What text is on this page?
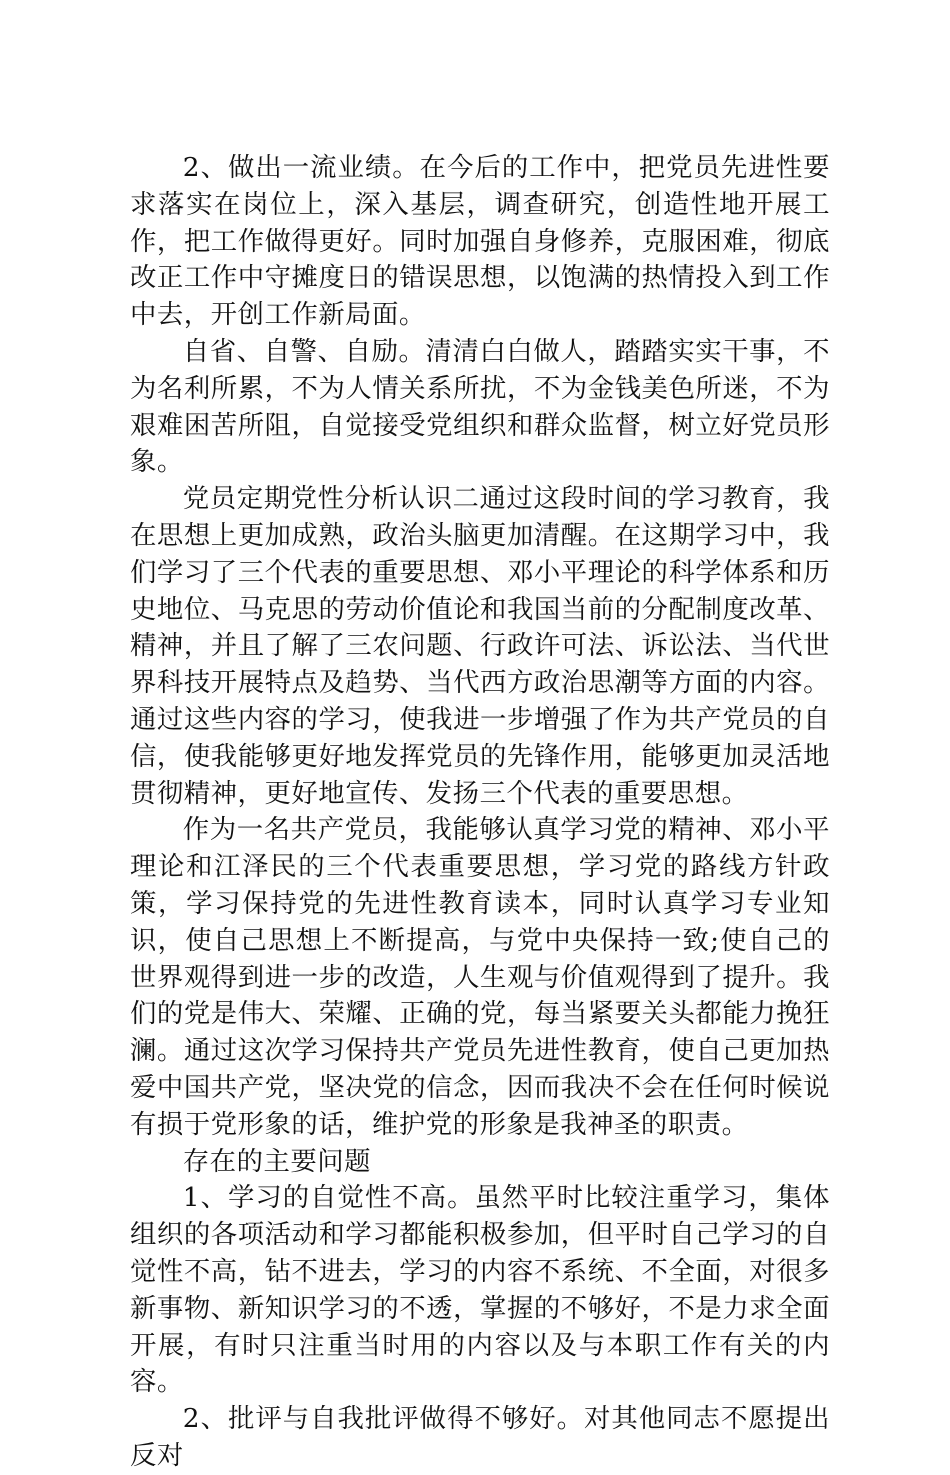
2、做出一流业绩。在今后的工作中，把党员先进性要求落实在岗位上，深入基层，调查研究，创造性地开展工作，把工作做得更好。同时加强自身修养，克服困难，彻底改正工作中守摊度日的错误思想，以饱满的热情投入到工作中去，开创工作新局面。

自省、自警、自励。清清白白做人，踏踏实实干事，不为名利所累，不为人情关系所扰，不为金钱美色所迷，不为艰难困苦所阻，自觉接受党组织和群众监督，树立好党员形象。

党员定期党性分析认识二通过这段时间的学习教育，我在思想上更加成熟，政治头脑更加清醒。在这期学习中，我们学习了三个代表的重要思想、邓小平理论的科学体系和历史地位、马克思的劳动价值论和我国当前的分配制度改革、精神，并且了解了三农问题、行政许可法、诉讼法、当代世界科技开展特点及趋势、当代西方政治思潮等方面的内容。通过这些内容的学习，使我进一步增强了作为共产党员的自信，使我能够更好地发挥党员的先锋作用，能够更加灵活地贯彻精神，更好地宣传、发扬三个代表的重要思想。

作为一名共产党员，我能够认真学习党的精神、邓小平理论和江泽民的三个代表重要思想，学习党的路线方针政策，学习保持党的先进性教育读本，同时认真学习专业知识，使自己思想上不断提高，与党中央保持一致;使自己的世界观得到进一步的改造，人生观与价值观得到了提升。我们的党是伟大、荣耀、正确的党，每当紧要关头都能力挽狂澜。通过这次学习保持共产党员先进性教育，使自己更加热爱中国共产党，坚决党的信念，因而我决不会在任何时候说有损于党形象的话，维护党的形象是我神圣的职责。

存在的主要问题

1、学习的自觉性不高。虽然平时比较注重学习，集体组织的各项活动和学习都能积极参加，但平时自己学习的自觉性不高，钻不进去，学习的内容不系统、不全面，对很多新事物、新知识学习的不透，掌握的不够好，不是力求全面开展，有时只注重当时用的内容以及与本职工作有关的内容。

2、批评与自我批评做得不够好。对其他同志不愿提出反对
